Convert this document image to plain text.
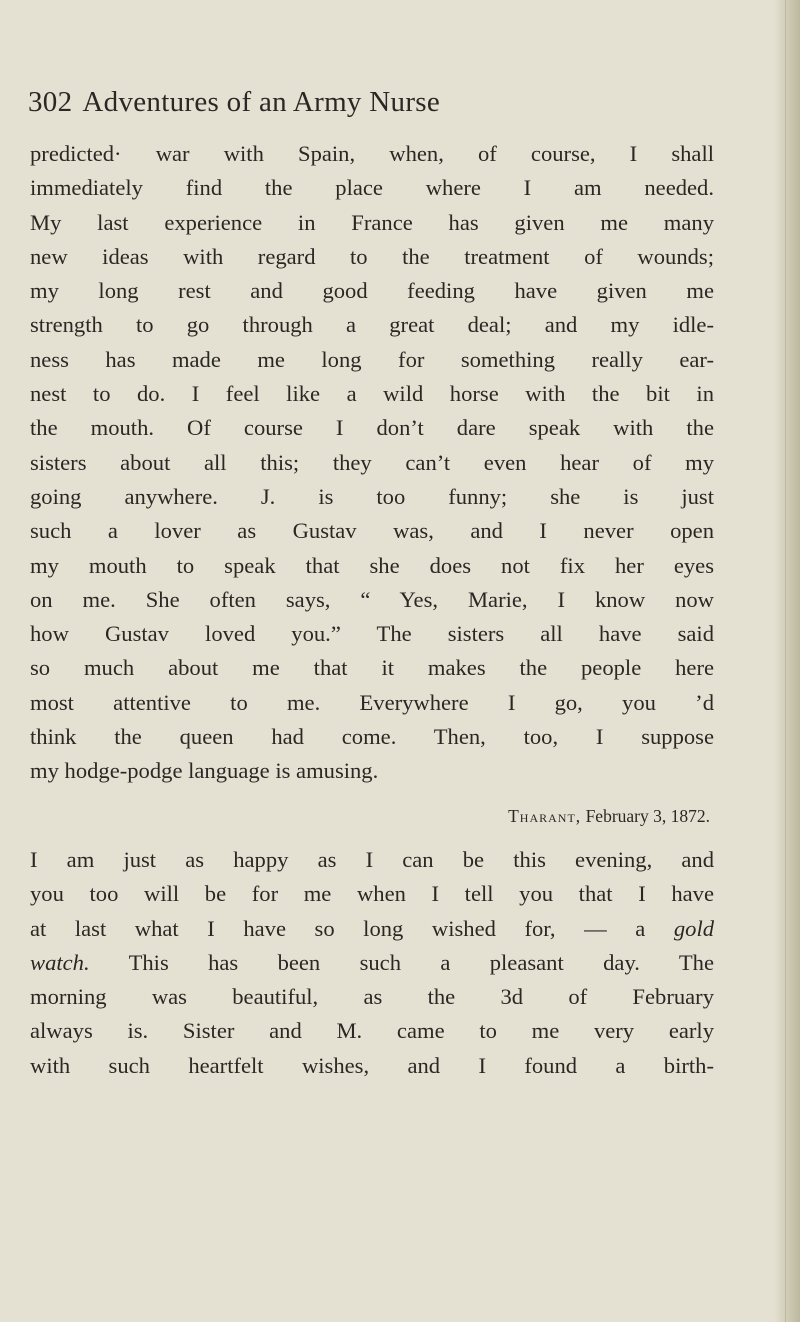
302 Adventures of an Army Nurse
predicted· war with Spain, when, of course, I shall
immediately find the place where I am needed.
My last experience in France has given me many
new ideas with regard to the treatment of wounds;
my long rest and good feeding have given me
strength to go through a great deal; and my idle-
ness has made me long for something really ear-
nest to do. I feel like a wild horse with the bit in
the mouth. Of course I don’t dare speak with the
sisters about all this; they can’t even hear of my
going anywhere. J. is too funny; she is just
such a lover as Gustav was, and I never open
my mouth to speak that she does not fix her eyes
on me. She often says, “ Yes, Marie, I know now
how Gustav loved you.” The sisters all have said
so much about me that it makes the people here
most attentive to me. Everywhere I go, you ’d
think the queen had come. Then, too, I suppose
my hodge-podge language is amusing.

Tharant, February 3, 1872.

I am just as happy as I can be this evening, and
you too will be for me when I tell you that I have
at last what I have so long wished for, — a gold
watch. This has been such a pleasant day. The
morning was beautiful, as the 3d of February
always is. Sister and M. came to me very early
with such heartfelt wishes, and I found a birth-
